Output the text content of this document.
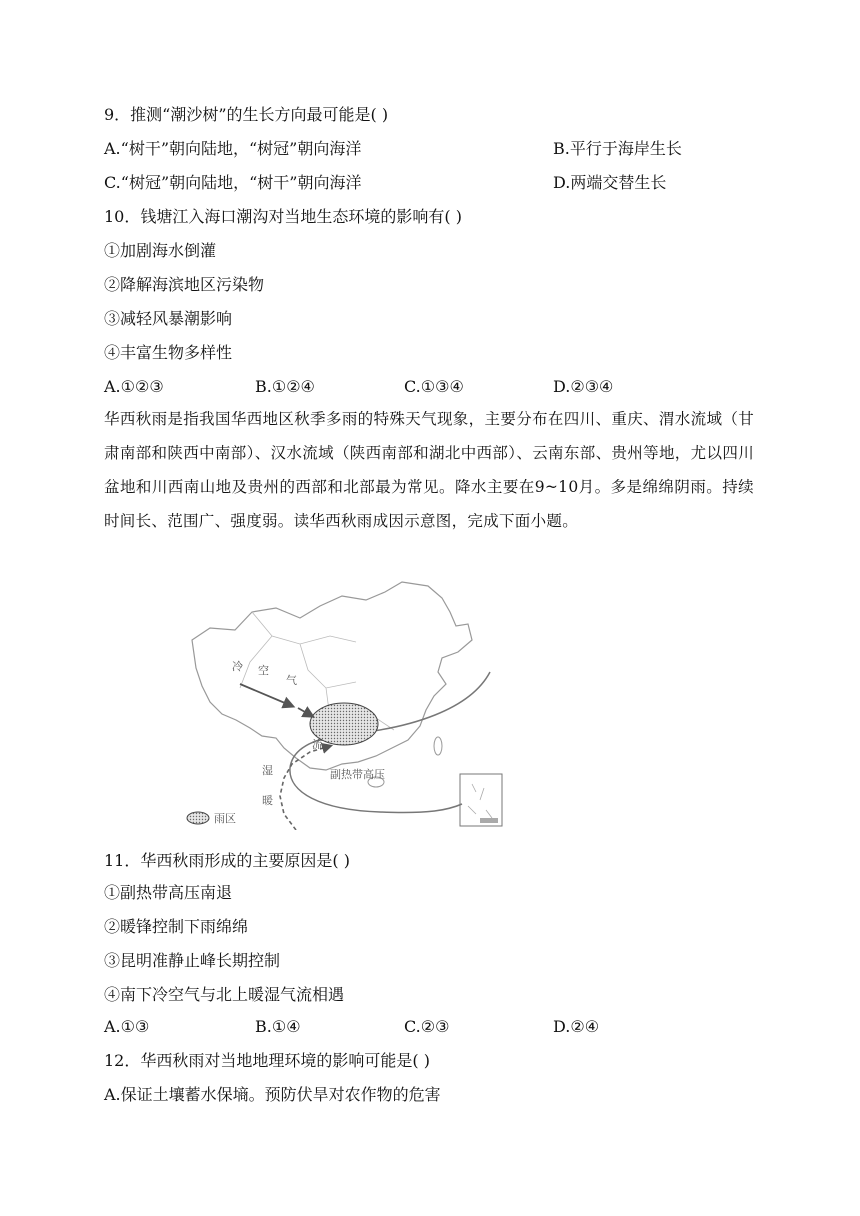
9．推测“潮沙树”的生长方向最可能是( )
A.“树干”朝向陆地，“树冠”朝向海洋	B.平行于海岸生长
C.“树冠”朝向陆地，“树干”朝向海洋	D.两端交替生长
10．钱塘江入海口潮沟对当地生态环境的影响有( )
①加剧海水倒灌
②降解海滨地区污染物
③减轻风暴潮影响
④丰富生物多样性
A.①②③	B.①②④	C.①③④	D.②③④
华西秋雨是指我国华西地区秋季多雨的特殊天气现象，主要分布在四川、重庆、渭水流域（甘肃南部和陕西中南部）、汉水流域（陕西南部和湖北中西部）、云南东部、贵州等地，尤以四川盆地和川西南山地及贵州的西部和北部最为常见。降水主要在9~10月。多是绵绵阴雨。持续时间长、范围广、强度弱。读华西秋雨成因示意图，完成下面小题。
冷 空
气
湿
暖
流
副热带高压
雨区
11．华西秋雨形成的主要原因是( )
①副热带高压南退
②暖锋控制下雨绵绵
③昆明准静止峰长期控制
④南下冷空气与北上暖湿气流相遇
A.①③	B.①④	C.②③	D.②④
12．华西秋雨对当地地理环境的影响可能是( )
A.保证土壤蓄水保墒。预防伏旱对农作物的危害
